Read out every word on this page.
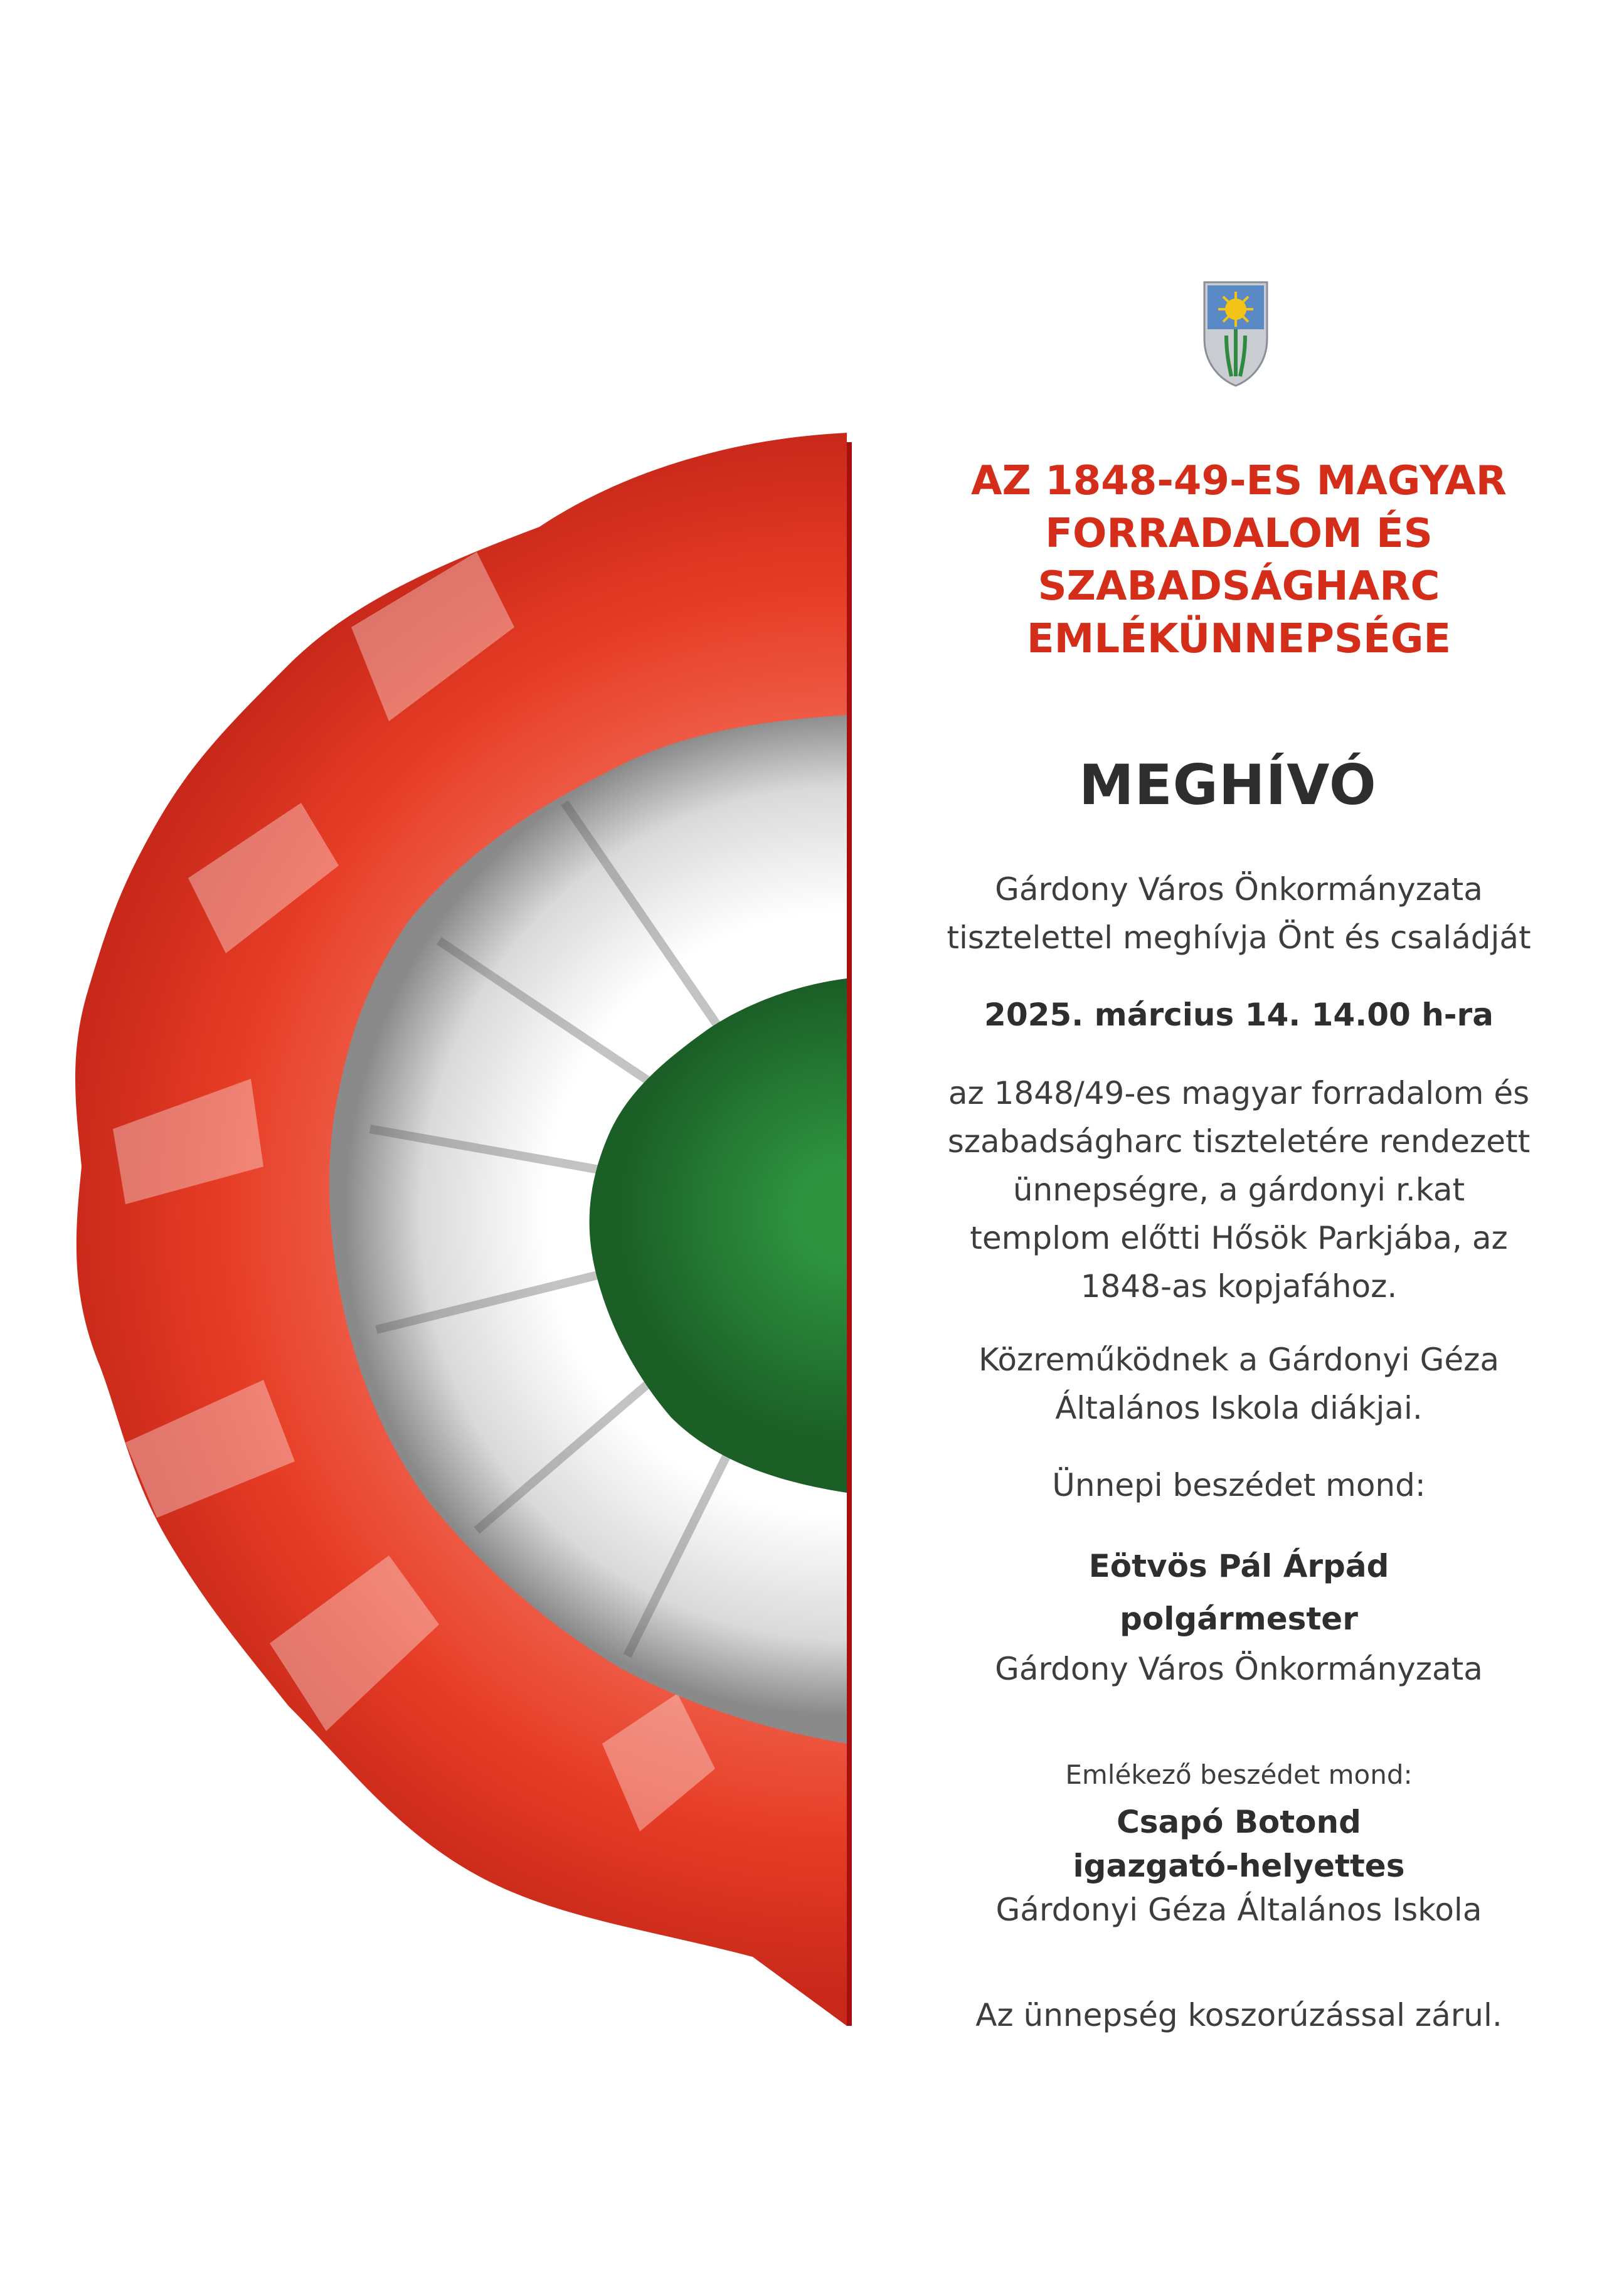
AZ 1848-49-ES MAGYAR
FORRADALOM ÉS
SZABADSÁGHARC
EMLÉKÜNNEPSÉGE
MEGHÍVÓ

Gárdony Város Önkormányzata

tisztelettel meghívja Önt és családját

2025. március 14. 14.00 h-ra

az 1848/49-es magyar forradalom és

szabadságharc tiszteletére rendezett

ünnepségre, a gárdonyi r.kat

templom előtti Hősök Parkjába, az

1848-as kopjafához.

Közreműködnek a Gárdonyi Géza

Általános Iskola diákjai.

Ünnepi beszédet mond:

Eötvös Pál Árpád

polgármester

Gárdony Város Önkormányzata

Emlékező beszédet mond:

Csapó Botond

igazgató-helyettes

Gárdonyi Géza Általános Iskola

Az ünnepség koszorúzással zárul.
